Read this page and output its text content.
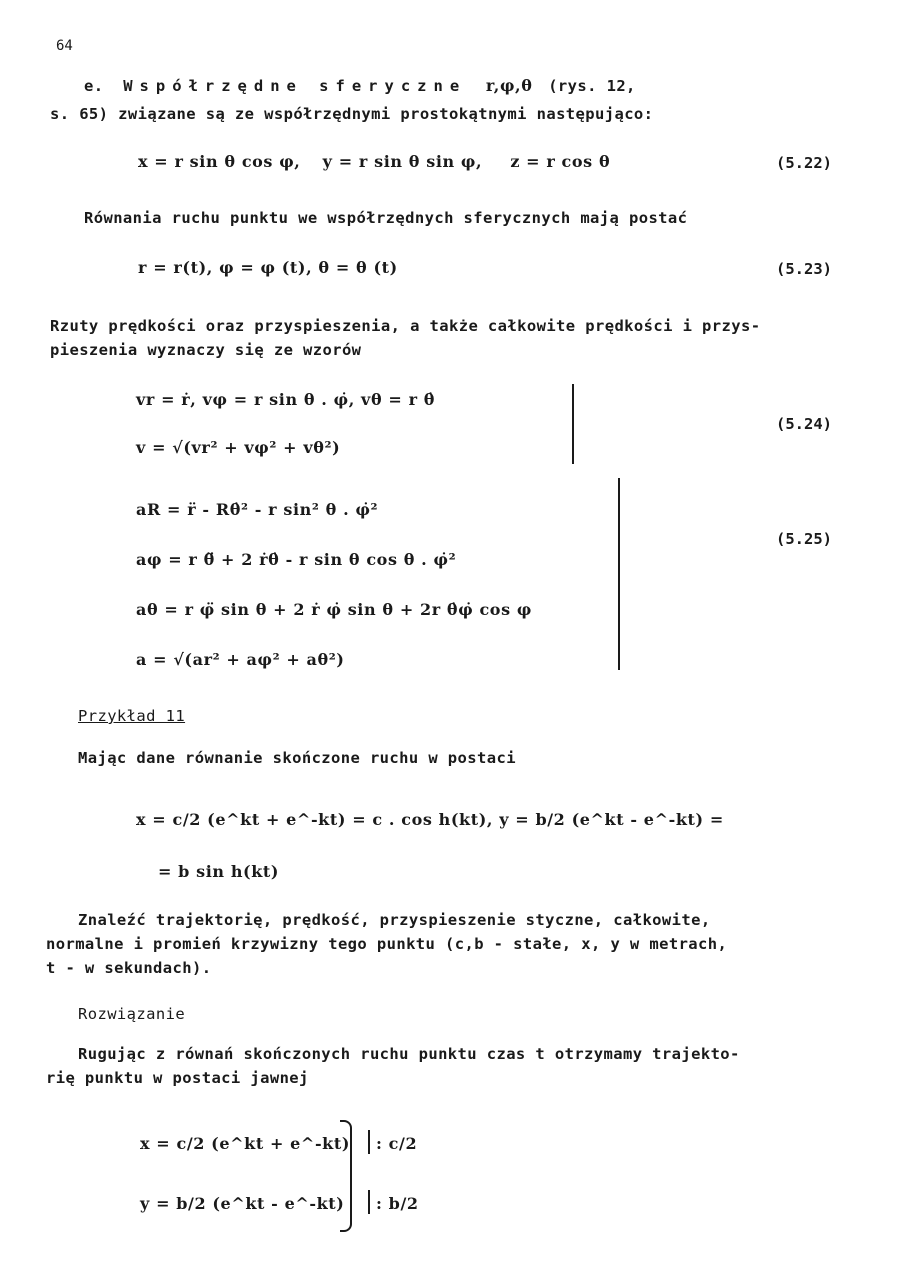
64
e. Współrzędne sferyczne r,φ,θ (rys. 12,
s. 65) związane są ze współrzędnymi prostokątnymi następująco:
x = r sin θ cos φ, y = r sin θ sin φ, z = r cos θ	(5.22)
Równania ruchu punktu we współrzędnych sferycznych mają postać
r = r(t), φ = φ (t), θ = θ (t)	(5.23)
Rzuty prędkości oraz przyspieszenia, a także całkowite prędkości i przys-
pieszenia wyznaczy się ze wzorów
vr = ṙ, vφ = r sin θ . φ̇, vθ = r θ̇
v = √(vr² + vφ² + vθ²)
(5.24)
aR = r̈ - Rθ̇² - r sin² θ . φ̇²
aφ = r θ̈ + 2 ṙθ̇ - r sin θ cos θ . φ̇²
aθ = r φ̈ sin θ + 2 ṙ φ̇ sin θ + 2r θ̇φ̇ cos φ
a = √(ar² + aφ² + aθ²)
(5.25)
Przykład 11
Mając dane równanie skończone ruchu w postaci
x = c/2 (e^kt + e^-kt) = c . cos h(kt), y = b/2 (e^kt - e^-kt) =
= b sin h(kt)
Znaleźć trajektorię, prędkość, przyspieszenie styczne, całkowite,
normalne i promień krzywizny tego punktu (c,b - stałe, x, y w metrach,
t - w sekundach).
Rozwiązanie
Rugując z równań skończonych ruchu punktu czas t otrzymamy trajekto-
rię punktu w postaci jawnej
x = c/2 (e^kt + e^-kt)
y = b/2 (e^kt - e^-kt)
: c/2
: b/2
